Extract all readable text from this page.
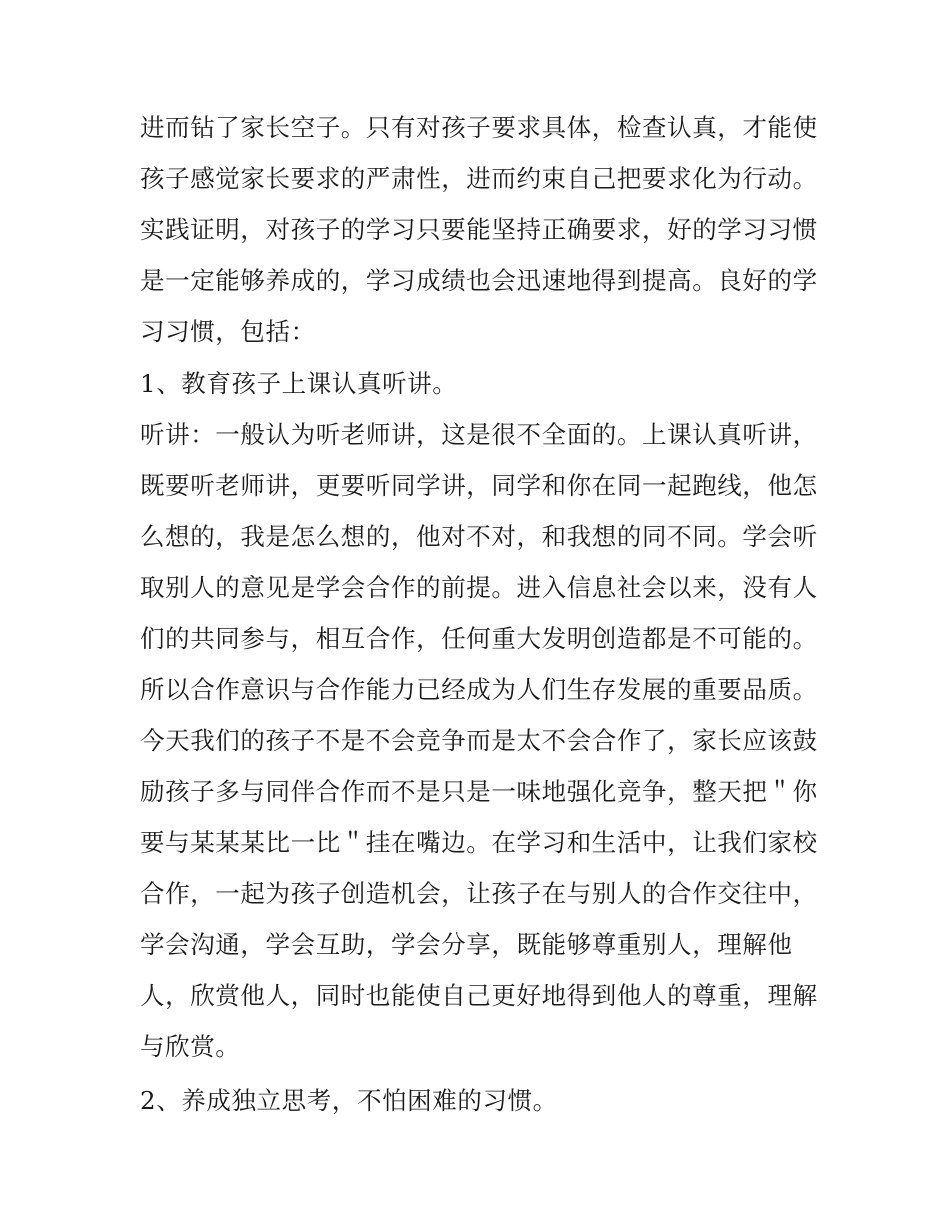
进而钻了家长空子。只有对孩子要求具体，检查认真，才能使
孩子感觉家长要求的严肃性，进而约束自己把要求化为行动。
实践证明，对孩子的学习只要能坚持正确要求，好的学习习惯
是一定能够养成的，学习成绩也会迅速地得到提高。良好的学
习习惯，包括：
1、教育孩子上课认真听讲。
听讲：一般认为听老师讲，这是很不全面的。上课认真听讲，
既要听老师讲，更要听同学讲，同学和你在同一起跑线，他怎
么想的，我是怎么想的，他对不对，和我想的同不同。学会听
取别人的意见是学会合作的前提。进入信息社会以来，没有人
们的共同参与，相互合作，任何重大发明创造都是不可能的。
所以合作意识与合作能力已经成为人们生存发展的重要品质。
今天我们的孩子不是不会竞争而是太不会合作了，家长应该鼓
励孩子多与同伴合作而不是只是一味地强化竞争，整天把＂你
要与某某某比一比＂挂在嘴边。在学习和生活中，让我们家校
合作，一起为孩子创造机会，让孩子在与别人的合作交往中，
学会沟通，学会互助，学会分享，既能够尊重别人，理解他
人，欣赏他人，同时也能使自己更好地得到他人的尊重，理解
与欣赏。
2、养成独立思考，不怕困难的习惯。
